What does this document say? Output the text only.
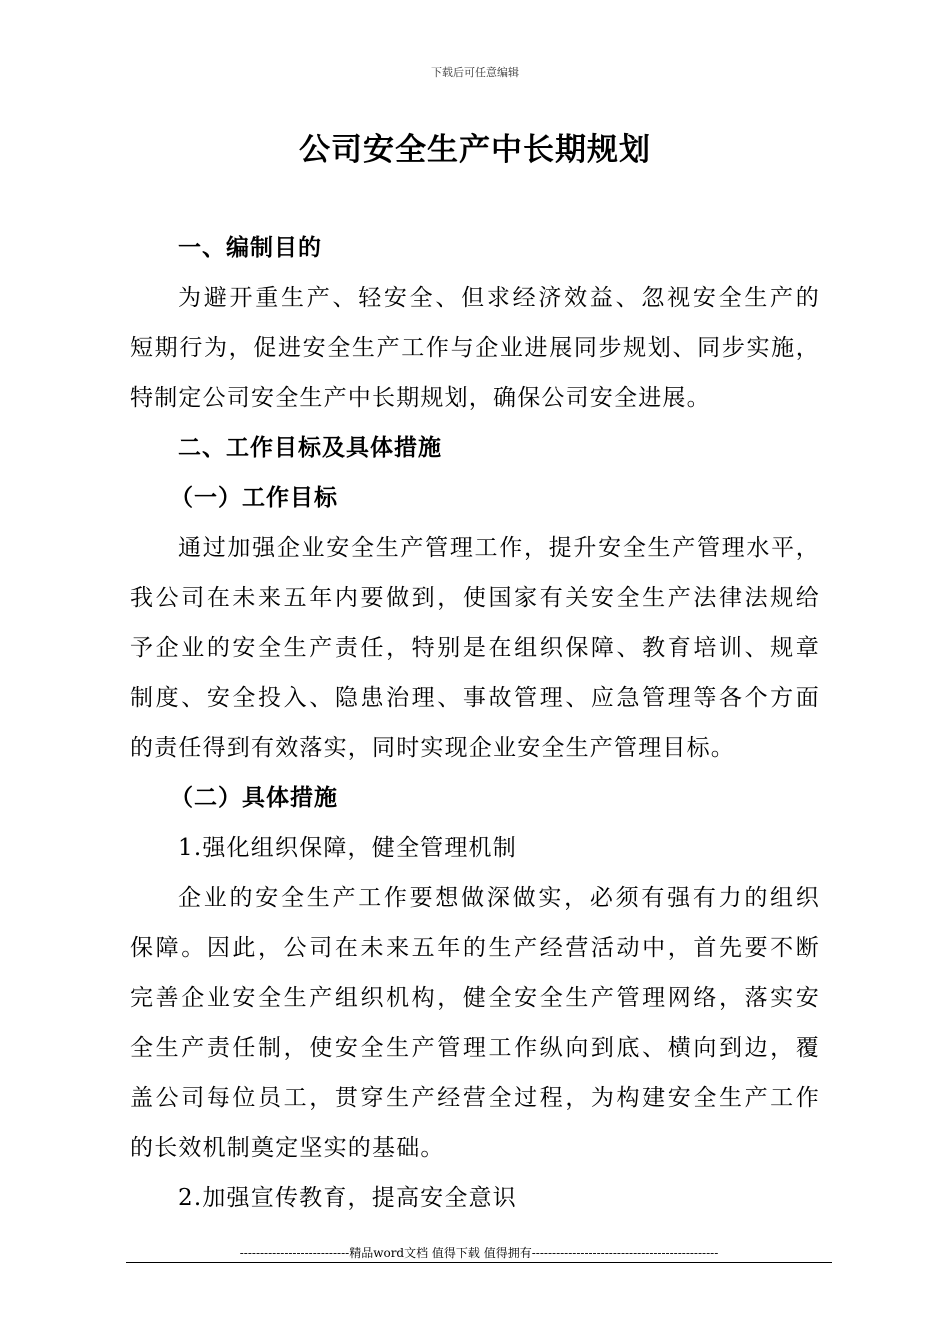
下载后可任意编辑
公司安全生产中长期规划
一、编制目的
为避开重生产、轻安全、但求经济效益、忽视安全生产的
短期行为，促进安全生产工作与企业进展同步规划、同步实施，
特制定公司安全生产中长期规划，确保公司安全进展。
二、工作目标及具体措施
（一）工作目标
通过加强企业安全生产管理工作，提升安全生产管理水平，
我公司在未来五年内要做到，使国家有关安全生产法律法规给
予企业的安全生产责任，特别是在组织保障、教育培训、规章
制度、安全投入、隐患治理、事故管理、应急管理等各个方面
的责任得到有效落实，同时实现企业安全生产管理目标。
（二）具体措施
1.强化组织保障，健全管理机制
企业的安全生产工作要想做深做实，必须有强有力的组织
保障。因此，公司在未来五年的生产经营活动中，首先要不断
完善企业安全生产组织机构，健全安全生产管理网络，落实安
全生产责任制，使安全生产管理工作纵向到底、横向到边，覆
盖公司每位员工，贯穿生产经营全过程，为构建安全生产工作
的长效机制奠定坚实的基础。
2.加强宣传教育，提高安全意识
---------------------------精品word文档 值得下载 值得拥有----------------------------------------------
